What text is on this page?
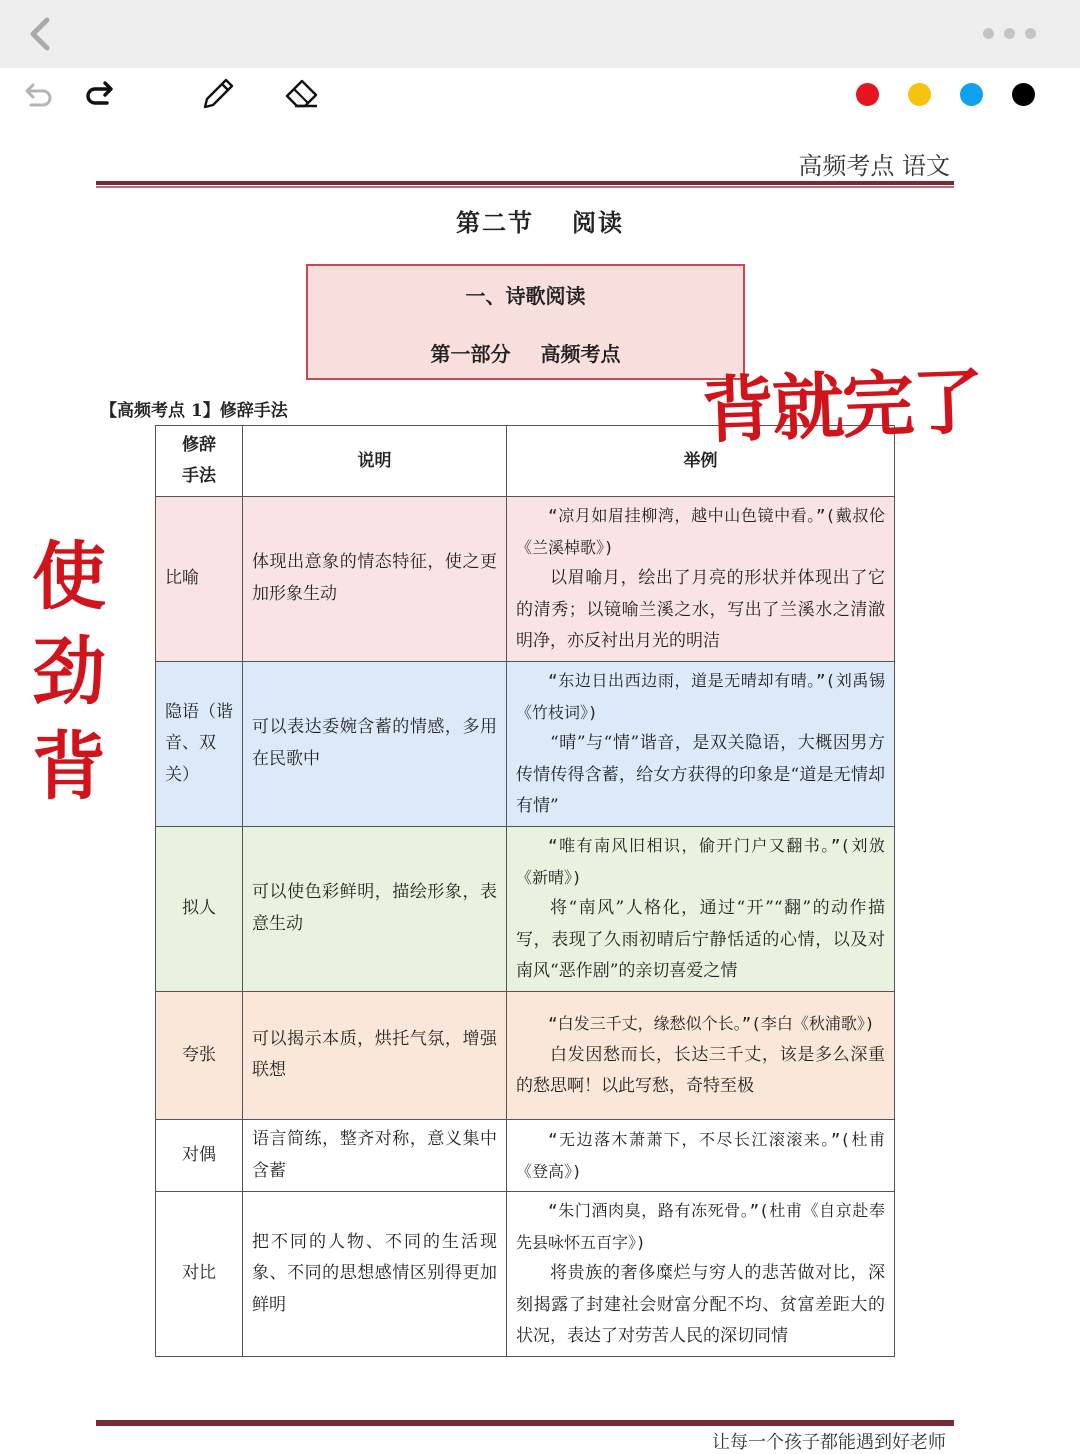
高频考点 语文
第二节 阅读
一、诗歌阅读
第一部分 高频考点
【高频考点 1】修辞手法
修辞
手法	说明	举例
比喻	体现出意象的情态特征，使之更加形象生动	“凉月如眉挂柳湾，越中山色镜中看。”(戴叔伦《兰溪棹歌》)
以眉喻月，绘出了月亮的形状并体现出了它的清秀；以镜喻兰溪之水，写出了兰溪水之清澈明净，亦反衬出月光的明洁

隐语（谐音、双关）	可以表达委婉含蓄的情感，多用在民歌中	“东边日出西边雨，道是无晴却有晴。”(刘禹锡《竹枝词》)
“晴”与“情”谐音，是双关隐语，大概因男方传情传得含蓄，给女方获得的印象是“道是无情却有情”

拟人	可以使色彩鲜明，描绘形象，表意生动	“唯有南风旧相识，偷开门户又翻书。”(刘攽《新晴》)
将“南风”人格化，通过“开”“翻”的动作描写，表现了久雨初晴后宁静恬适的心情，以及对南风“恶作剧”的亲切喜爱之情

夸张	可以揭示本质，烘托气氛，增强联想	“白发三千丈，缘愁似个长。”(李白《秋浦歌》)
白发因愁而长，长达三千丈，该是多么深重的愁思啊！以此写愁，奇特至极

对偶	语言简练，整齐对称，意义集中含蓄	“无边落木萧萧下，不尽长江滚滚来。”(杜甫《登高》)

对比	把不同的人物、不同的生活现象、不同的思想感情区别得更加鲜明	“朱门酒肉臭，路有冻死骨。”(杜甫《自京赴奉先县咏怀五百字》)
将贵族的奢侈糜烂与穷人的悲苦做对比，深刻揭露了封建社会财富分配不均、贫富差距大的状况，表达了对劳苦人民的深切同情
背就完了
使
劲
背
让每一个孩子都能遇到好老师
